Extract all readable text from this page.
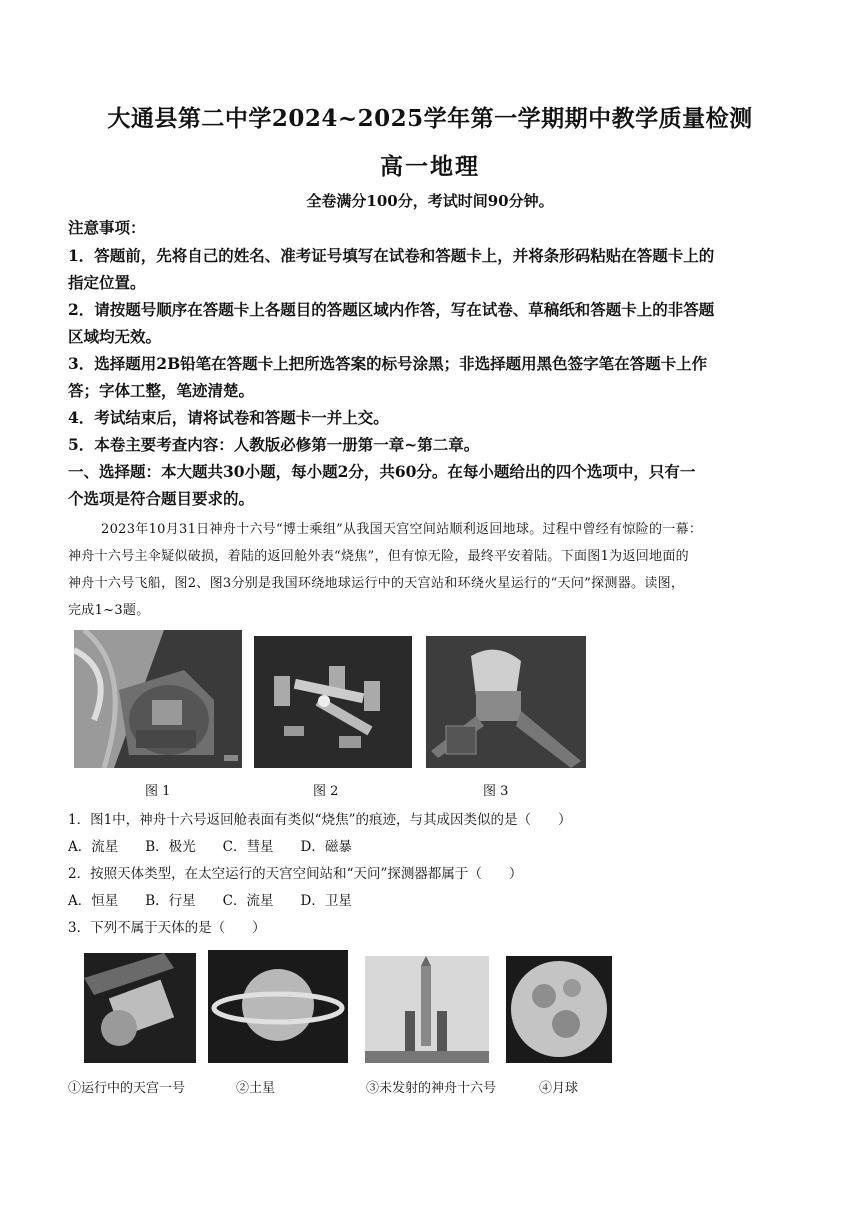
大通县第二中学2024~2025学年第一学期期中教学质量检测
高一地理
全卷满分100分，考试时间90分钟。
注意事项：
1．答题前，先将自己的姓名、准考证号填写在试卷和答题卡上，并将条形码粘贴在答题卡上的
指定位置。
2．请按题号顺序在答题卡上各题目的答题区域内作答，写在试卷、草稿纸和答题卡上的非答题
区域均无效。
3．选择题用2B铅笔在答题卡上把所选答案的标号涂黑；非选择题用黑色签字笔在答题卡上作
答；字体工整，笔迹清楚。
4．考试结束后，请将试卷和答题卡一并上交。
5．本卷主要考查内容：人教版必修第一册第一章~第二章。
一、选择题：本大题共30小题，每小题2分，共60分。在每小题给出的四个选项中，只有一
个选项是符合题目要求的。
2023年10月31日神舟十六号“博士乘组”从我国天宫空间站顺利返回地球。过程中曾经有惊险的一幕：
神舟十六号主伞疑似破损，着陆的返回舱外表“烧焦”，但有惊无险，最终平安着陆。下面图1为返回地面的
神舟十六号飞船，图2、图3分别是我国环绕地球运行中的天宫站和环绕火星运行的“天问”探测器。读图，
完成1~3题。
图 1	图 2	图 3
1．图1中，神舟十六号返回舱表面有类似“烧焦”的痕迹，与其成因类似的是（　　）
A．流星　　B．极光　　C．彗星　　D．磁暴
2．按照天体类型，在太空运行的天宫空间站和“天问”探测器都属于（　　）
A．恒星　　B．行星　　C．流星　　D．卫星
3．下列不属于天体的是（　　）
①运行中的天宫一号	②土星	③未发射的神舟十六号	④月球
